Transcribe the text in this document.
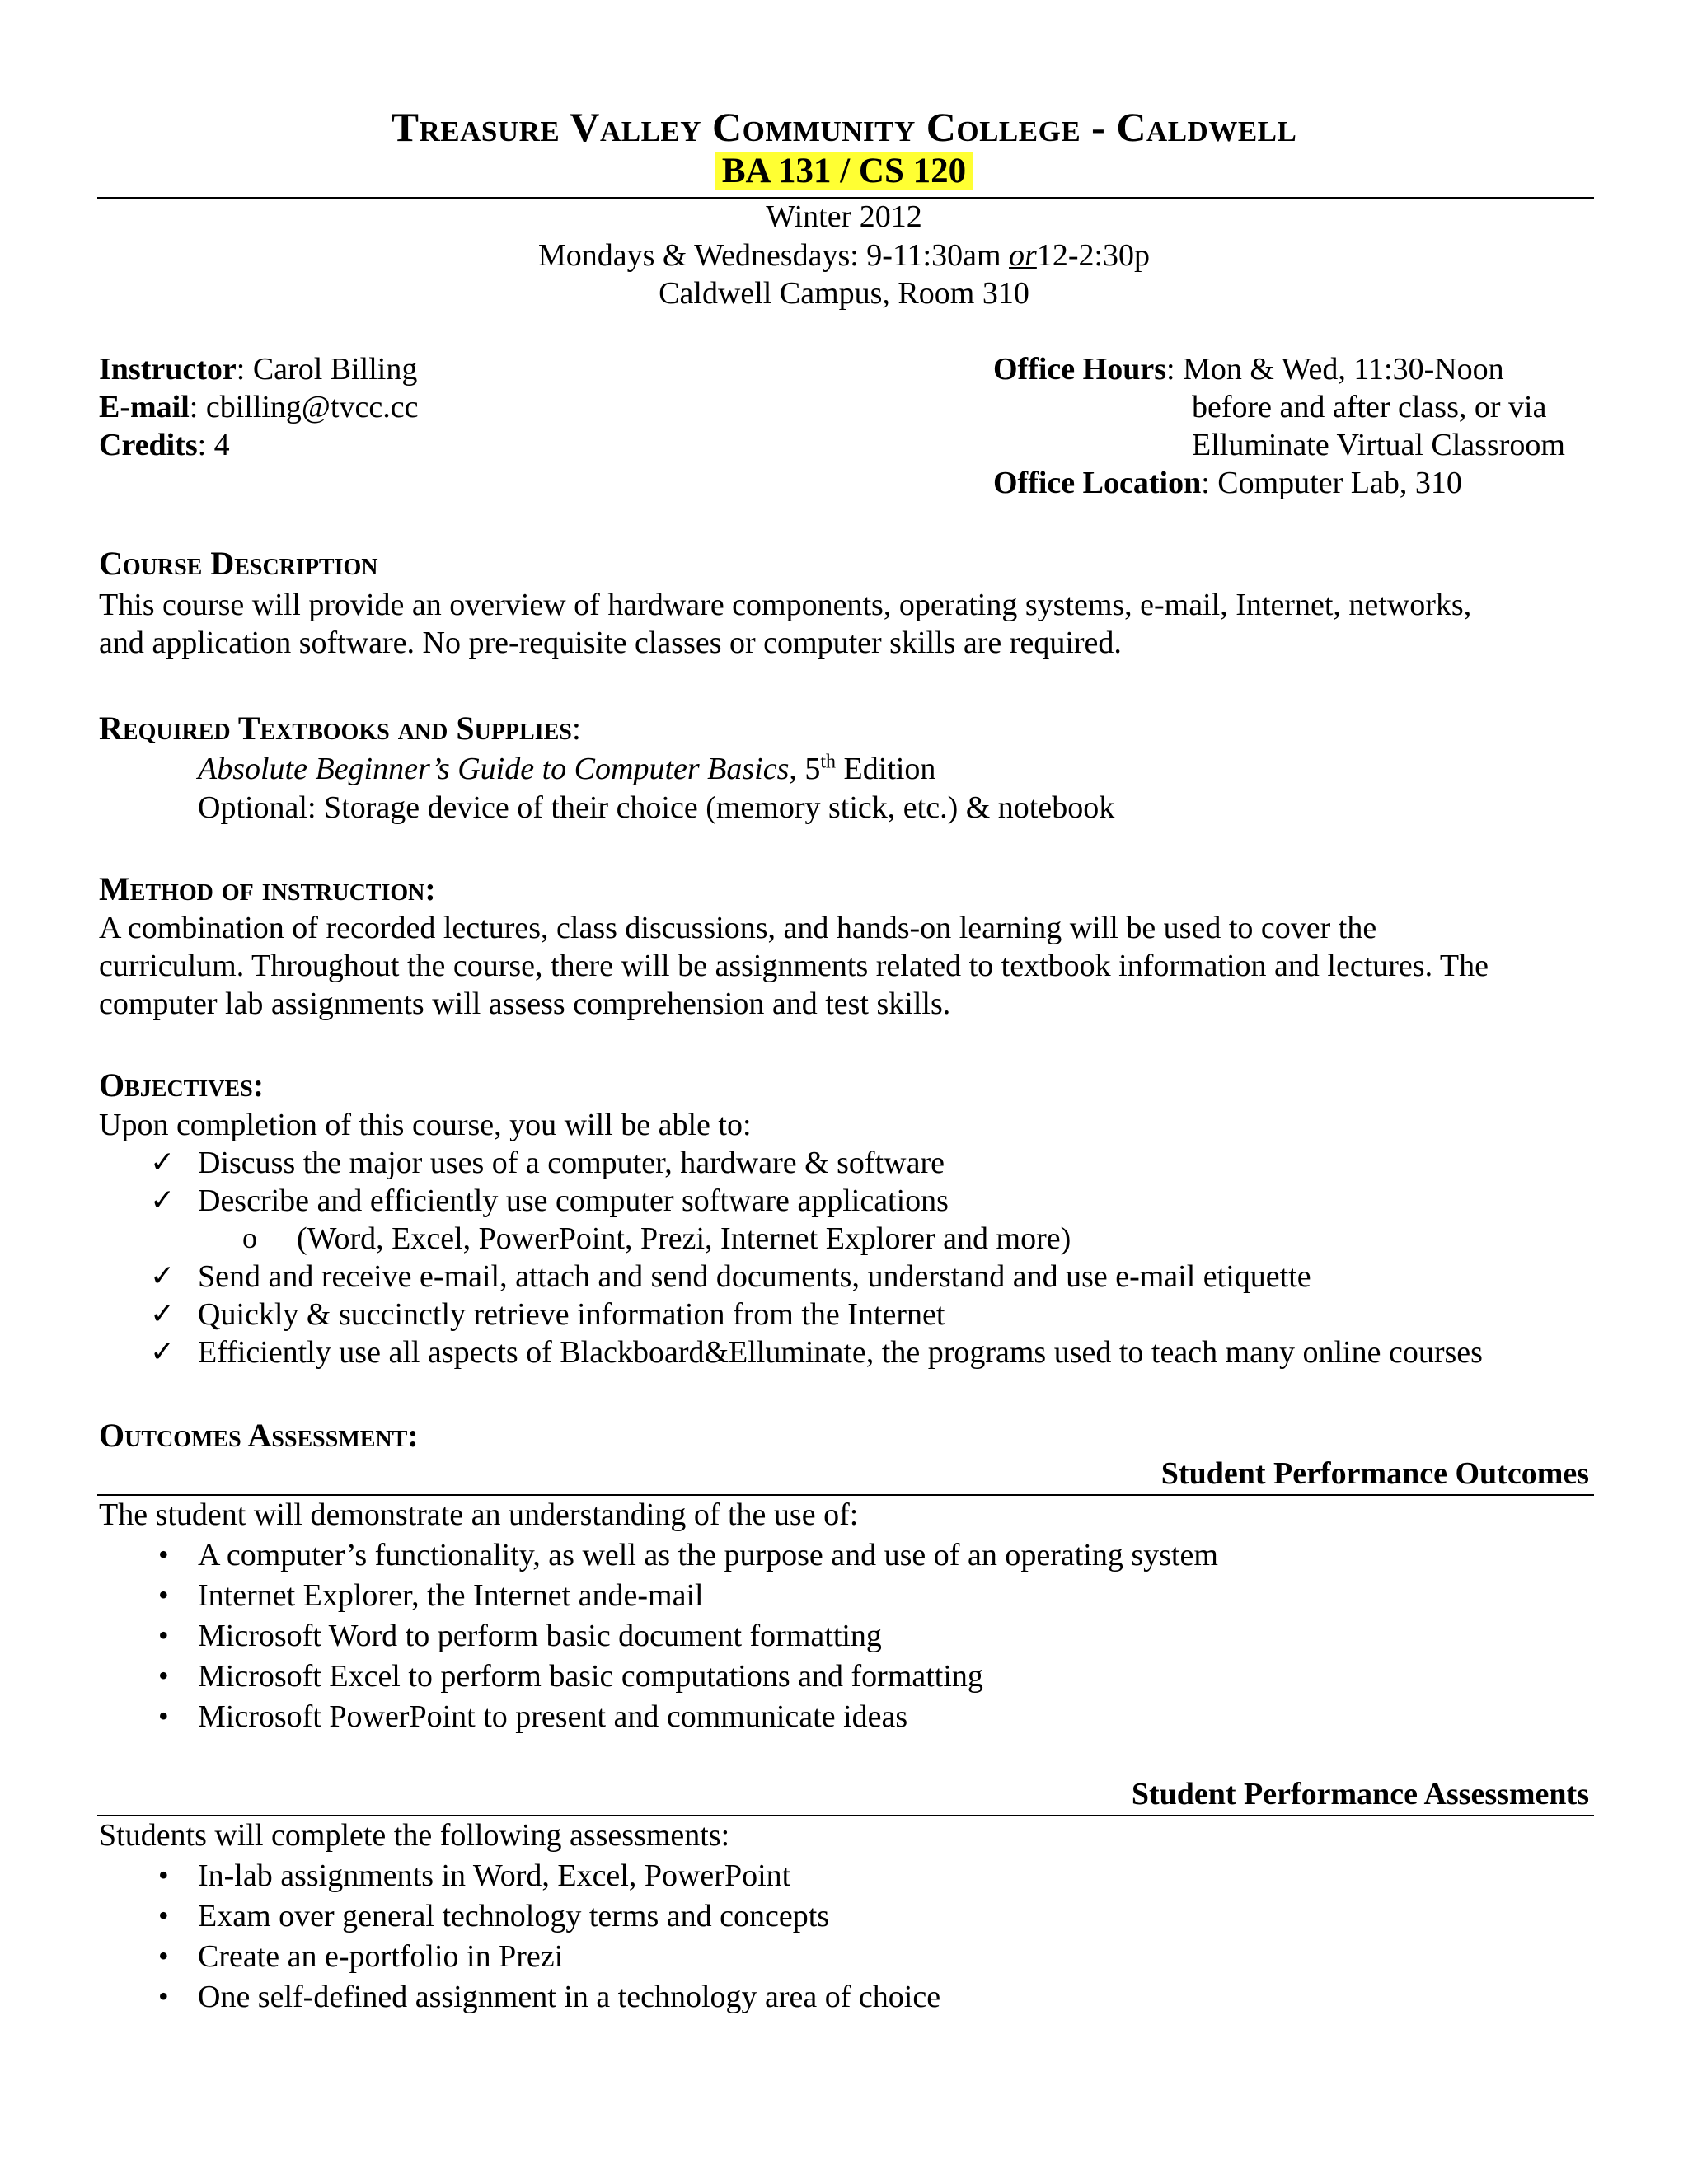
Treasure Valley Community College - Caldwell
BA 131 / CS 120
Winter 2012
Mondays & Wednesdays: 9-11:30am or12-2:30p
Caldwell Campus, Room 310
Instructor: Carol Billing
E-mail: cbilling@tvcc.cc
Credits: 4
Office Hours: Mon & Wed, 11:30-Noon
before and after class, or via
Elluminate Virtual Classroom
Office Location: Computer Lab, 310
Course Description
This course will provide an overview of hardware components, operating systems, e-mail, Internet, networks,
and application software. No pre-requisite classes or computer skills are required.
Required Textbooks and Supplies:
Absolute Beginner’s Guide to Computer Basics, 5th Edition
Optional: Storage device of their choice (memory stick, etc.) & notebook
Method of instruction:
A combination of recorded lectures, class discussions, and hands-on learning will be used to cover the
curriculum. Throughout the course, there will be assignments related to textbook information and lectures. The
computer lab assignments will assess comprehension and test skills.
Objectives:
Upon completion of this course, you will be able to:
✓ Discuss the major uses of a computer, hardware & software
✓ Describe and efficiently use computer software applications
o (Word, Excel, PowerPoint, Prezi, Internet Explorer and more)
✓ Send and receive e-mail, attach and send documents, understand and use e-mail etiquette
✓ Quickly & succinctly retrieve information from the Internet
✓ Efficiently use all aspects of Blackboard&Elluminate, the programs used to teach many online courses
Outcomes Assessment:
Student Performance Outcomes
The student will demonstrate an understanding of the use of:
• A computer’s functionality, as well as the purpose and use of an operating system
• Internet Explorer, the Internet ande-mail
• Microsoft Word to perform basic document formatting
• Microsoft Excel to perform basic computations and formatting
• Microsoft PowerPoint to present and communicate ideas
Student Performance Assessments
Students will complete the following assessments:
• In-lab assignments in Word, Excel, PowerPoint
• Exam over general technology terms and concepts
• Create an e-portfolio in Prezi
• One self-defined assignment in a technology area of choice
